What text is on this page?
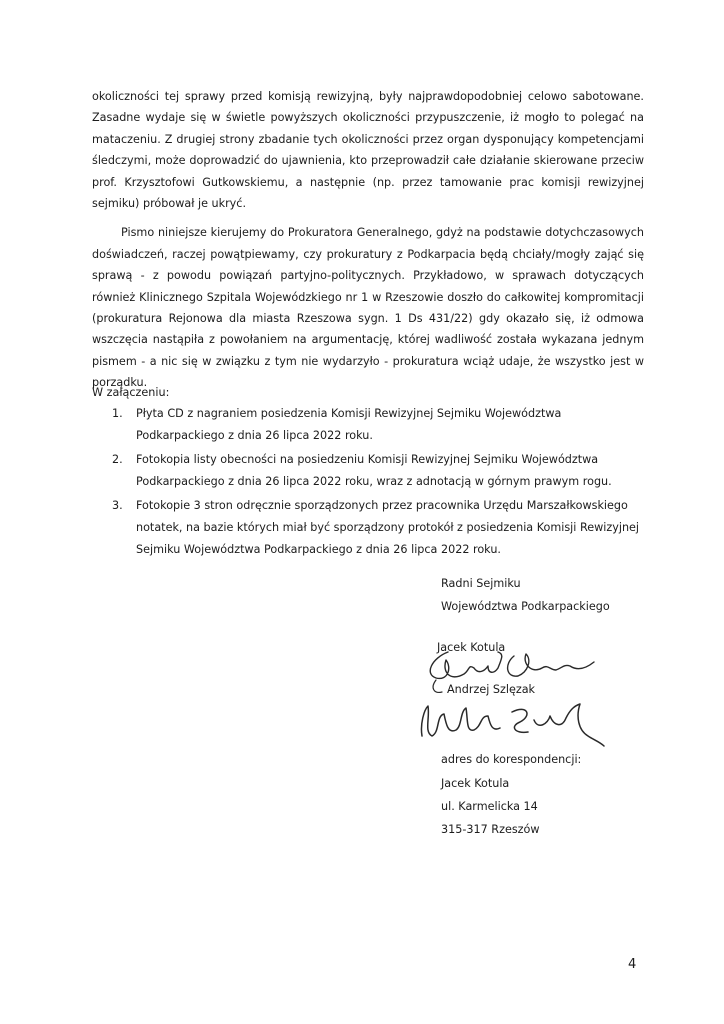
okoliczności tej sprawy przed komisją rewizyjną, były najprawdopodobniej celowo sabotowane. Zasadne wydaje się w świetle powyższych okoliczności przypuszczenie, iż mogło to polegać na mataczeniu. Z drugiej strony zbadanie tych okoliczności przez organ dysponujący kompetencjami śledczymi, może doprowadzić do ujawnienia, kto przeprowadził całe działanie skierowane przeciw prof. Krzysztofowi Gutkowskiemu, a następnie (np. przez tamowanie prac komisji rewizyjnej sejmiku) próbował je ukryć.

Pismo niniejsze kierujemy do Prokuratora Generalnego, gdyż na podstawie dotychczasowych doświadczeń, raczej powątpiewamy, czy prokuratury z Podkarpacia będą chciały/mogły zająć się sprawą - z powodu powiązań partyjno-politycznych. Przykładowo, w sprawach dotyczących również Klinicznego Szpitala Wojewódzkiego nr 1 w Rzeszowie doszło do całkowitej kompromitacji (prokuratura Rejonowa dla miasta Rzeszowa sygn. 1 Ds 431/22) gdy okazało się, iż odmowa wszczęcia nastąpiła z powołaniem na argumentację, której wadliwość została wykazana jednym pismem - a nic się w związku z tym nie wydarzyło - prokuratura wciąż udaje, że wszystko jest w porządku.

W załączeniu:
1. Płyta CD z nagraniem posiedzenia Komisji Rewizyjnej Sejmiku Województwa Podkarpackiego z dnia 26 lipca 2022 roku.
2. Fotokopia listy obecności na posiedzeniu Komisji Rewizyjnej Sejmiku Województwa Podkarpackiego z dnia 26 lipca 2022 roku, wraz z adnotacją w górnym prawym rogu.
3. Fotokopie 3 stron odręcznie sporządzonych przez pracownika Urzędu Marszałkowskiego notatek, na bazie których miał być sporządzony protokół z posiedzenia Komisji Rewizyjnej Sejmiku Województwa Podkarpackiego z dnia 26 lipca 2022 roku.
Radni Sejmiku
Województwa Podkarpackiego
Jacek Kotula
Andrzej Szlęzak
adres do korespondencji:
Jacek Kotula
ul. Karmelicka 14
315-317 Rzeszów
4
